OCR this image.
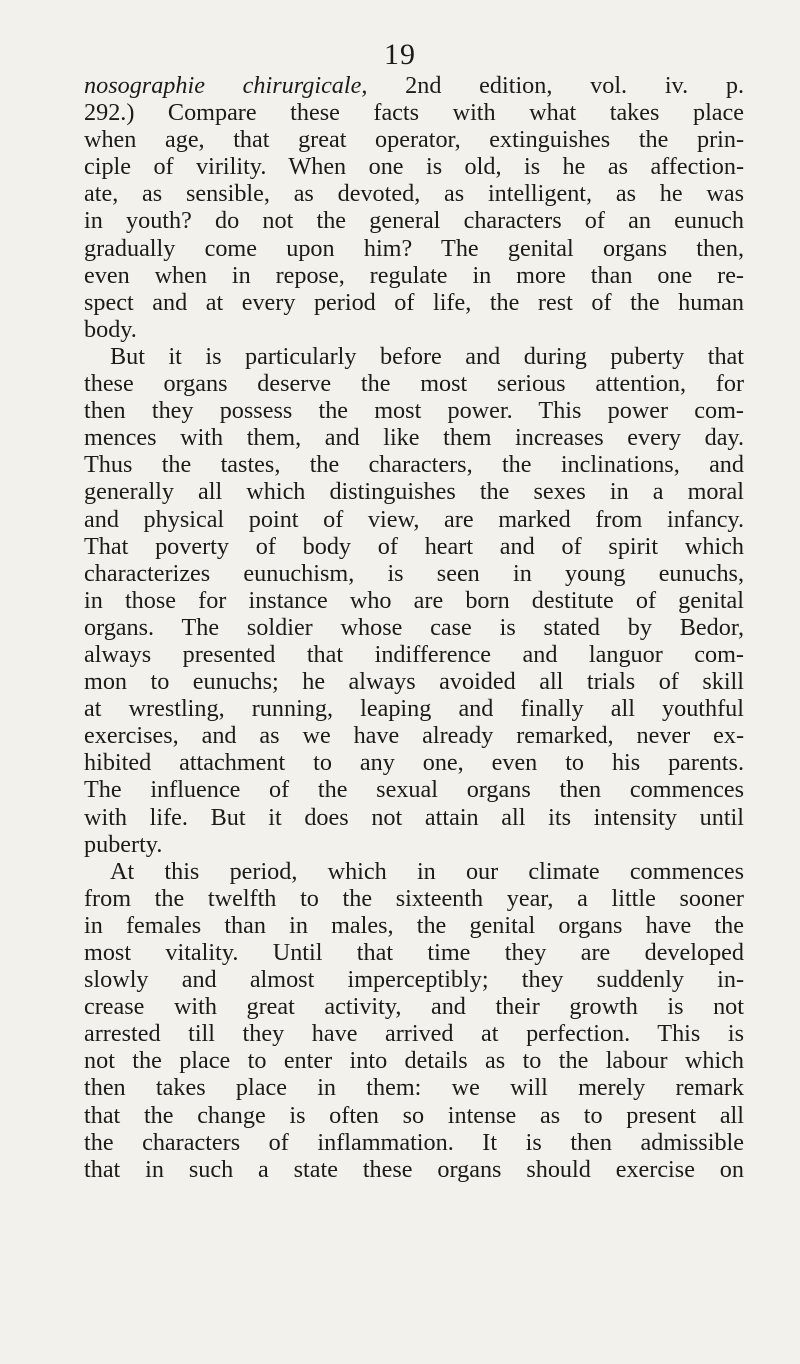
19
nosographie chirurgicale, 2nd edition, vol. iv. p.
292.) Compare these facts with what takes place
when age, that great operator, extinguishes the prin-
ciple of virility. When one is old, is he as affection-
ate, as sensible, as devoted, as intelligent, as he was
in youth? do not the general characters of an eunuch
gradually come upon him? The genital organs then,
even when in repose, regulate in more than one re-
spect and at every period of life, the rest of the human
body.
But it is particularly before and during puberty that
these organs deserve the most serious attention, for
then they possess the most power. This power com-
mences with them, and like them increases every day.
Thus the tastes, the characters, the inclinations, and
generally all which distinguishes the sexes in a moral
and physical point of view, are marked from infancy.
That poverty of body of heart and of spirit which
characterizes eunuchism, is seen in young eunuchs,
in those for instance who are born destitute of genital
organs. The soldier whose case is stated by Bedor,
always presented that indifference and languor com-
mon to eunuchs; he always avoided all trials of skill
at wrestling, running, leaping and finally all youthful
exercises, and as we have already remarked, never ex-
hibited attachment to any one, even to his parents.
The influence of the sexual organs then commences
with life. But it does not attain all its intensity until
puberty.
At this period, which in our climate commences
from the twelfth to the sixteenth year, a little sooner
in females than in males, the genital organs have the
most vitality. Until that time they are developed
slowly and almost imperceptibly; they suddenly in-
crease with great activity, and their growth is not
arrested till they have arrived at perfection. This is
not the place to enter into details as to the labour which
then takes place in them: we will merely remark
that the change is often so intense as to present all
the characters of inflammation. It is then admissible
that in such a state these organs should exercise on
